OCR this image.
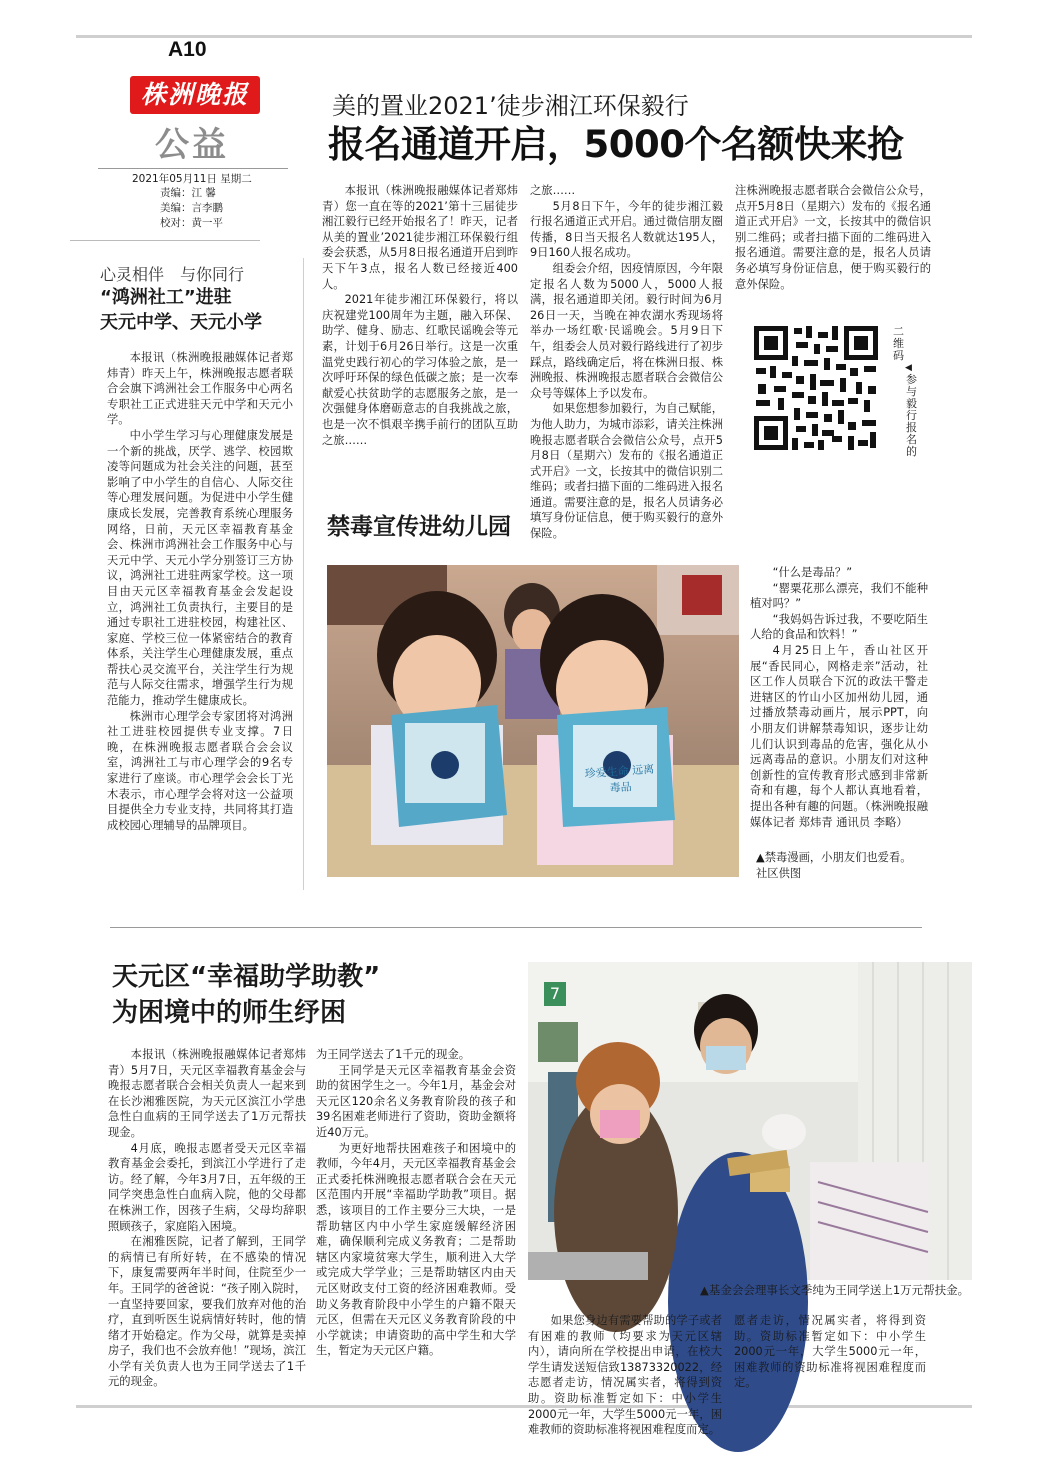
A10
株洲晚报
公益
2021年05月11日 星期二
责编：江 馨
美编：言李鹏
校对：黄一平
美的置业2021’徒步湘江环保毅行
报名通道开启，5000个名额快来抢

本报讯（株洲晚报融媒体记者郑炜青）您一直在等的2021’第十三届徒步湘江毅行已经开始报名了！昨天，记者从美的置业’2021徒步湘江环保毅行组委会获悉，从5月8日报名通道开启到昨天下午3点，报名人数已经接近400人。

2021年徒步湘江环保毅行，将以庆祝建党100周年为主题，融入环保、助学、健身、励志、红歌民谣晚会等元素，计划于6月26日举行。这是一次重温党史践行初心的学习体验之旅，是一次呼吁环保的绿色低碳之旅；是一次奉献爱心扶贫助学的志愿服务之旅，是一次强健身体磨砺意志的自我挑战之旅，也是一次不惧艰辛携手前行的团队互助之旅……

之旅……

5月8日下午，今年的徒步湘江毅行报名通道正式开启。通过微信朋友圈传播，8日当天报名人数就达195人，9日160人报名成功。

组委会介绍，因疫情原因，今年限定报名人数为5000人，5000人报满，报名通道即关闭。毅行时间为6月26日一天，当晚在神农湖水秀现场将举办一场红歌·民谣晚会。5月9日下午，组委会人员对毅行路线进行了初步踩点，路线确定后，将在株洲日报、株洲晚报、株洲晚报志愿者联合会微信公众号等媒体上予以发布。

如果您想参加毅行，为自己赋能，为他人助力，为城市添彩，请关注株洲晚报志愿者联合会微信公众号，点开5月8日（星期六）发布的《报名通道正式开启》一文，长按其中的微信识别二维码；或者扫描下面的二维码进入报名通道。需要注意的是，报名人员请务必填写身份证信息，便于购买毅行的意外保险。

注株洲晚报志愿者联合会微信公众号，点开5月8日（星期六）发布的《报名通道正式开启》一文，长按其中的微信识别二维码；或者扫描下面的二维码进入报名通道。需要注意的是，报名人员请务必填写身份证信息，便于购买毅行的意外保险。

二维码
◀
参与毅行报名的
心灵相伴　与你同行
“鸿洲社工”进驻
天元中学、天元小学

本报讯（株洲晚报融媒体记者郑炜青）昨天上午，株洲晚报志愿者联合会旗下鸿洲社会工作服务中心两名专职社工正式进驻天元中学和天元小学。

中小学生学习与心理健康发展是一个新的挑战，厌学、逃学、校园欺凌等问题成为社会关注的问题，甚至影响了中小学生的自信心、人际交往等心理发展问题。为促进中小学生健康成长发展，完善教育系统心理服务网络，日前，天元区幸福教育基金会、株洲市鸿洲社会工作服务中心与天元中学、天元小学分别签订三方协议，鸿洲社工进驻两家学校。这一项目由天元区幸福教育基金会发起设立，鸿洲社工负责执行，主要目的是通过专职社工进驻校园，构建社区、家庭、学校三位一体紧密结合的教育体系，关注学生心理健康发展，重点帮扶心灵交流平台，关注学生行为规范与人际交往需求，增强学生行为规范能力，推动学生健康成长。

株洲市心理学会专家团将对鸿洲社工进驻校园提供专业支撑。7日晚，在株洲晚报志愿者联合会会议室，鸿洲社工与市心理学会的9名专家进行了座谈。市心理学会会长丁光木表示，市心理学会将对这一公益项目提供全力专业支持，共同将其打造成校园心理辅导的品牌项目。

禁毒宣传进幼儿园
珍爱生命 远离毒品

“什么是毒品？”

“罂粟花那么漂亮，我们不能种植对吗？”

“我妈妈告诉过我，不要吃陌生人给的食品和饮料！”

4月25日上午，香山社区开展“香民同心，网格走亲”活动，社区工作人员联合下沉的政法干警走进辖区的竹山小区加州幼儿园，通过播放禁毒动画片，展示PPT，向小朋友们讲解禁毒知识，逐步让幼儿们认识到毒品的危害，强化从小远离毒品的意识。小朋友们对这种创新性的宣传教育形式感到非常新奇和有趣，每个人都认真地看着，提出各种有趣的问题。（株洲晚报融媒体记者 郑炜青 通讯员 李略）

▲禁毒漫画，小朋友们也爱看。　　社区供图
天元区“幸福助学助教”
为困境中的师生纾困

本报讯（株洲晚报融媒体记者郑炜青）5月7日，天元区幸福教育基金会与晚报志愿者联合会相关负责人一起来到在长沙湘雅医院，为天元区滨江小学患急性白血病的王同学送去了1万元帮扶现金。

4月底，晚报志愿者受天元区幸福教育基金会委托，到滨江小学进行了走访。经了解，今年3月7日，五年级的王同学突患急性白血病入院，他的父母都在株洲工作，因孩子生病，父母均辞职照顾孩子，家庭陷入困境。

在湘雅医院，记者了解到，王同学的病情已有所好转，在不感染的情况下，康复需要两年半时间，住院至少一年。王同学的爸爸说：“孩子刚入院时，一直坚持要回家，要我们放弃对他的治疗，直到听医生说病情好转时，他的情绪才开始稳定。作为父母，就算是卖掉房子，我们也不会放弃他！”现场，滨江小学有关负责人也为王同学送去了1千元的现金。

为王同学送去了1千元的现金。

王同学是天元区幸福教育基金会资助的贫困学生之一。今年1月，基金会对天元区120余名义务教育阶段的孩子和39名困难老师进行了资助，资助金额将近40万元。

为更好地帮扶困难孩子和困境中的教师，今年4月，天元区幸福教育基金会正式委托株洲晚报志愿者联合会在天元区范围内开展“幸福助学助教”项目。据悉，该项目的工作主要分三大块，一是帮助辖区内中小学生家庭缓解经济困难，确保顺利完成义务教育；二是帮助辖区内家境贫寒大学生，顺利进入大学或完成大学学业；三是帮助辖区内由天元区财政支付工资的经济困难教师。受助义务教育阶段中小学生的户籍不限天元区，但需在天元区义务教育阶段的中小学就读；申请资助的高中学生和大学生，暂定为天元区户籍。

7
▲基金会会理事长文季纯为王同学送上1万元帮扶金。

如果您身边有需要帮助的学子或者有困难的教师（均要求为天元区辖内），请向所在学校提出申请，在校大学生请发送短信致13873320022，经志愿者走访，情况属实者，将得到资助。资助标准暂定如下：中小学生2000元一年，大学生5000元一年，困难教师的资助标准将视困难程度而定。

愿者走访，情况属实者，将得到资助。资助标准暂定如下：中小学生2000元一年，大学生5000元一年，困难教师的资助标准将视困难程度而定。
